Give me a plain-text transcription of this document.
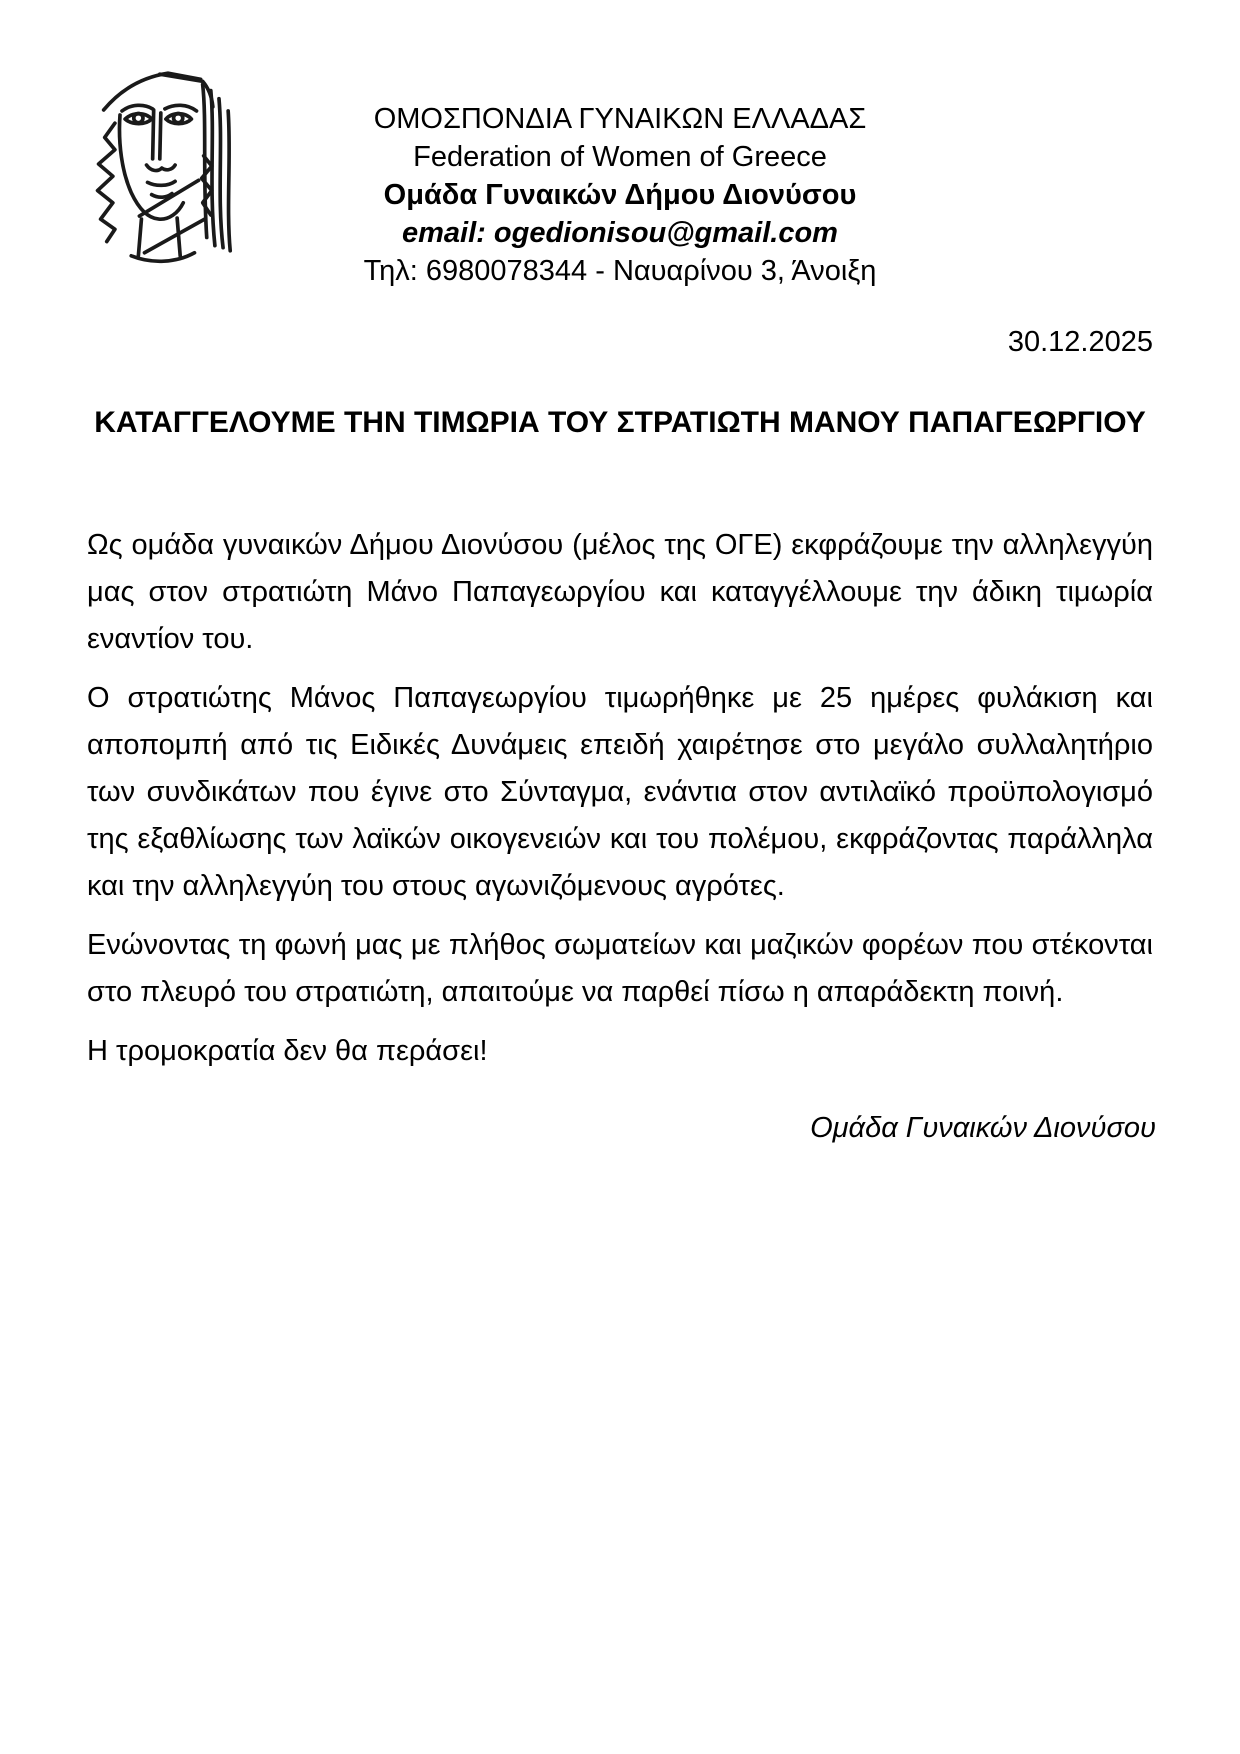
ΟΜΟΣΠΟΝΔΙΑ ΓΥΝΑΙΚΩΝ ΕΛΛΑΔΑΣ
Federation of Women of Greece
Ομάδα Γυναικών Δήμου Διονύσου
email: ogedionisou@gmail.com
Τηλ: 6980078344 - Ναυαρίνου 3, Άνοιξη
30.12.2025
ΚΑΤΑΓΓΕΛΟΥΜΕ ΤΗΝ ΤΙΜΩΡΙΑ ΤΟΥ ΣΤΡΑΤΙΩΤΗ ΜΑΝΟΥ ΠΑΠΑΓΕΩΡΓΙΟΥ

Ως ομάδα γυναικών Δήμου Διονύσου (μέλος της ΟΓΕ) εκφράζουμε την αλληλεγγύη μας στον στρατιώτη Μάνο Παπαγεωργίου και καταγγέλλουμε την άδικη τιμωρία εναντίον του.

Ο στρατιώτης Μάνος Παπαγεωργίου τιμωρήθηκε με 25 ημέρες φυλάκιση και αποπομπή από τις Ειδικές Δυνάμεις επειδή χαιρέτησε στο μεγάλο συλλαλητήριο των συνδικάτων που έγινε στο Σύνταγμα, ενάντια στον αντιλαϊκό προϋπολογισμό της εξαθλίωσης των λαϊκών οικογενειών και του πολέμου, εκφράζοντας παράλληλα και την αλληλεγγύη του στους αγωνιζόμενους αγρότες.

Ενώνοντας τη φωνή μας με πλήθος σωματείων και μαζικών φορέων που στέκονται στο πλευρό του στρατιώτη, απαιτούμε να παρθεί πίσω η απαράδεκτη ποινή.

Η τρομοκρατία δεν θα περάσει!

Ομάδα Γυναικών Διονύσου
